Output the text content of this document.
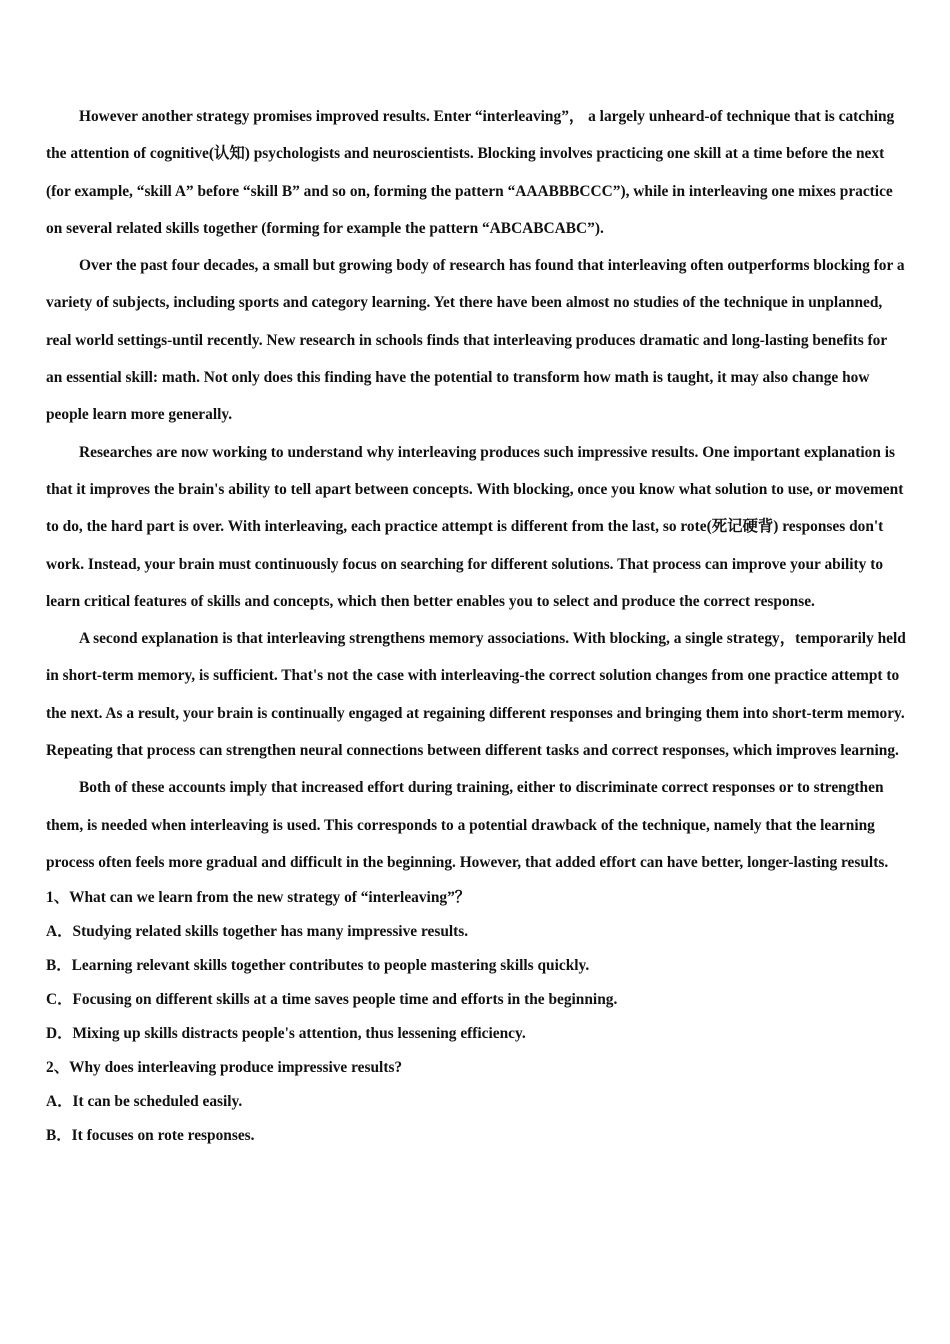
However another strategy promises improved results. Enter “interleaving”， a largely unheard-of technique that is catching the attention of cognitive(认知) psychologists and neuroscientists. Blocking involves practicing one skill at a time before the next (for example, “skill A” before “skill B” and so on, forming the pattern “AAABBBCCC”), while in interleaving one mixes practice on several related skills together (forming for example the pattern “ABCABCABC”).

Over the past four decades, a small but growing body of research has found that interleaving often outperforms blocking for a variety of subjects, including sports and category learning. Yet there have been almost no studies of the technique in unplanned, real world settings-until recently. New research in schools finds that interleaving produces dramatic and long-lasting benefits for an essential skill: math. Not only does this finding have the potential to transform how math is taught, it may also change how people learn more generally.

Researches are now working to understand why interleaving produces such impressive results. One important explanation is that it improves the brain's ability to tell apart between concepts. With blocking, once you know what solution to use, or movement to do, the hard part is over. With interleaving, each practice attempt is different from the last, so rote(死记硬背) responses don't work. Instead, your brain must continuously focus on searching for different solutions. That process can improve your ability to learn critical features of skills and concepts, which then better enables you to select and produce the correct response.

A second explanation is that interleaving strengthens memory associations. With blocking, a single strategy，temporarily held in short-term memory, is sufficient. That's not the case with interleaving-the correct solution changes from one practice attempt to the next. As a result, your brain is continually engaged at regaining different responses and bringing them into short-term memory. Repeating that process can strengthen neural connections between different tasks and correct responses, which improves learning.

Both of these accounts imply that increased effort during training, either to discriminate correct responses or to strengthen them, is needed when interleaving is used. This corresponds to a potential drawback of the technique, namely that the learning process often feels more gradual and difficult in the beginning. However, that added effort can have better, longer-lasting results.

1、What can we learn from the new strategy of “interleaving”？

A．Studying related skills together has many impressive results.

B．Learning relevant skills together contributes to people mastering skills quickly.

C．Focusing on different skills at a time saves people time and efforts in the beginning.

D．Mixing up skills distracts people's attention, thus lessening efficiency.

2、Why does interleaving produce impressive results?

A．It can be scheduled easily.

B．It focuses on rote responses.
